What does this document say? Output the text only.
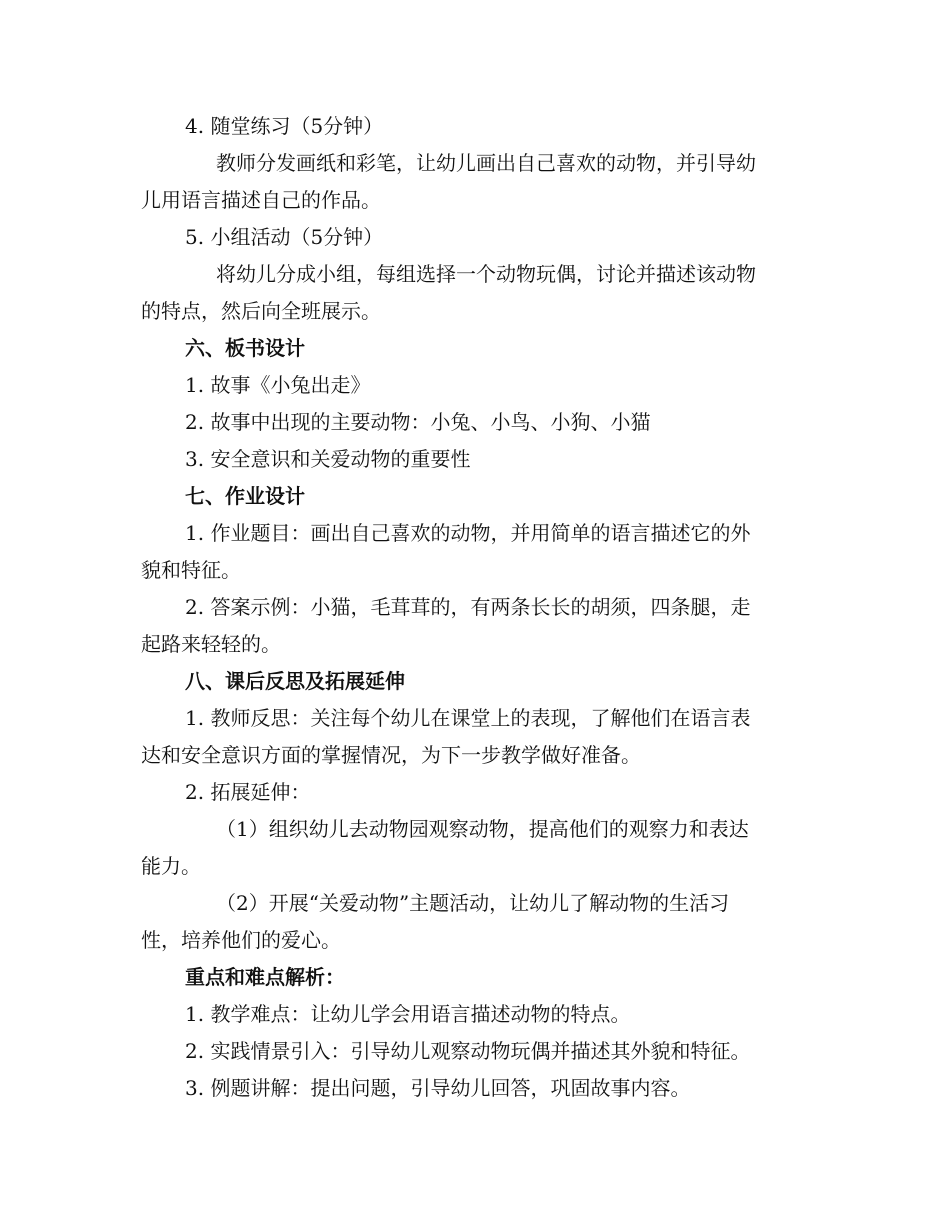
4. 随堂练习（5分钟）
教师分发画纸和彩笔，让幼儿画出自己喜欢的动物，并引导幼
儿用语言描述自己的作品。
5. 小组活动（5分钟）
将幼儿分成小组，每组选择一个动物玩偶，讨论并描述该动物
的特点，然后向全班展示。
六、板书设计
1. 故事《小兔出走》
2. 故事中出现的主要动物：小兔、小鸟、小狗、小猫
3. 安全意识和关爱动物的重要性
七、作业设计
1. 作业题目：画出自己喜欢的动物，并用简单的语言描述它的外
貌和特征。
2. 答案示例：小猫，毛茸茸的，有两条长长的胡须，四条腿，走
起路来轻轻的。
八、课后反思及拓展延伸
1. 教师反思：关注每个幼儿在课堂上的表现，了解他们在语言表
达和安全意识方面的掌握情况，为下一步教学做好准备。
2. 拓展延伸：
（1）组织幼儿去动物园观察动物，提高他们的观察力和表达
能力。
（2）开展“关爱动物”主题活动，让幼儿了解动物的生活习
性，培养他们的爱心。
重点和难点解析：
1. 教学难点：让幼儿学会用语言描述动物的特点。
2. 实践情景引入：引导幼儿观察动物玩偶并描述其外貌和特征。
3. 例题讲解：提出问题，引导幼儿回答，巩固故事内容。
